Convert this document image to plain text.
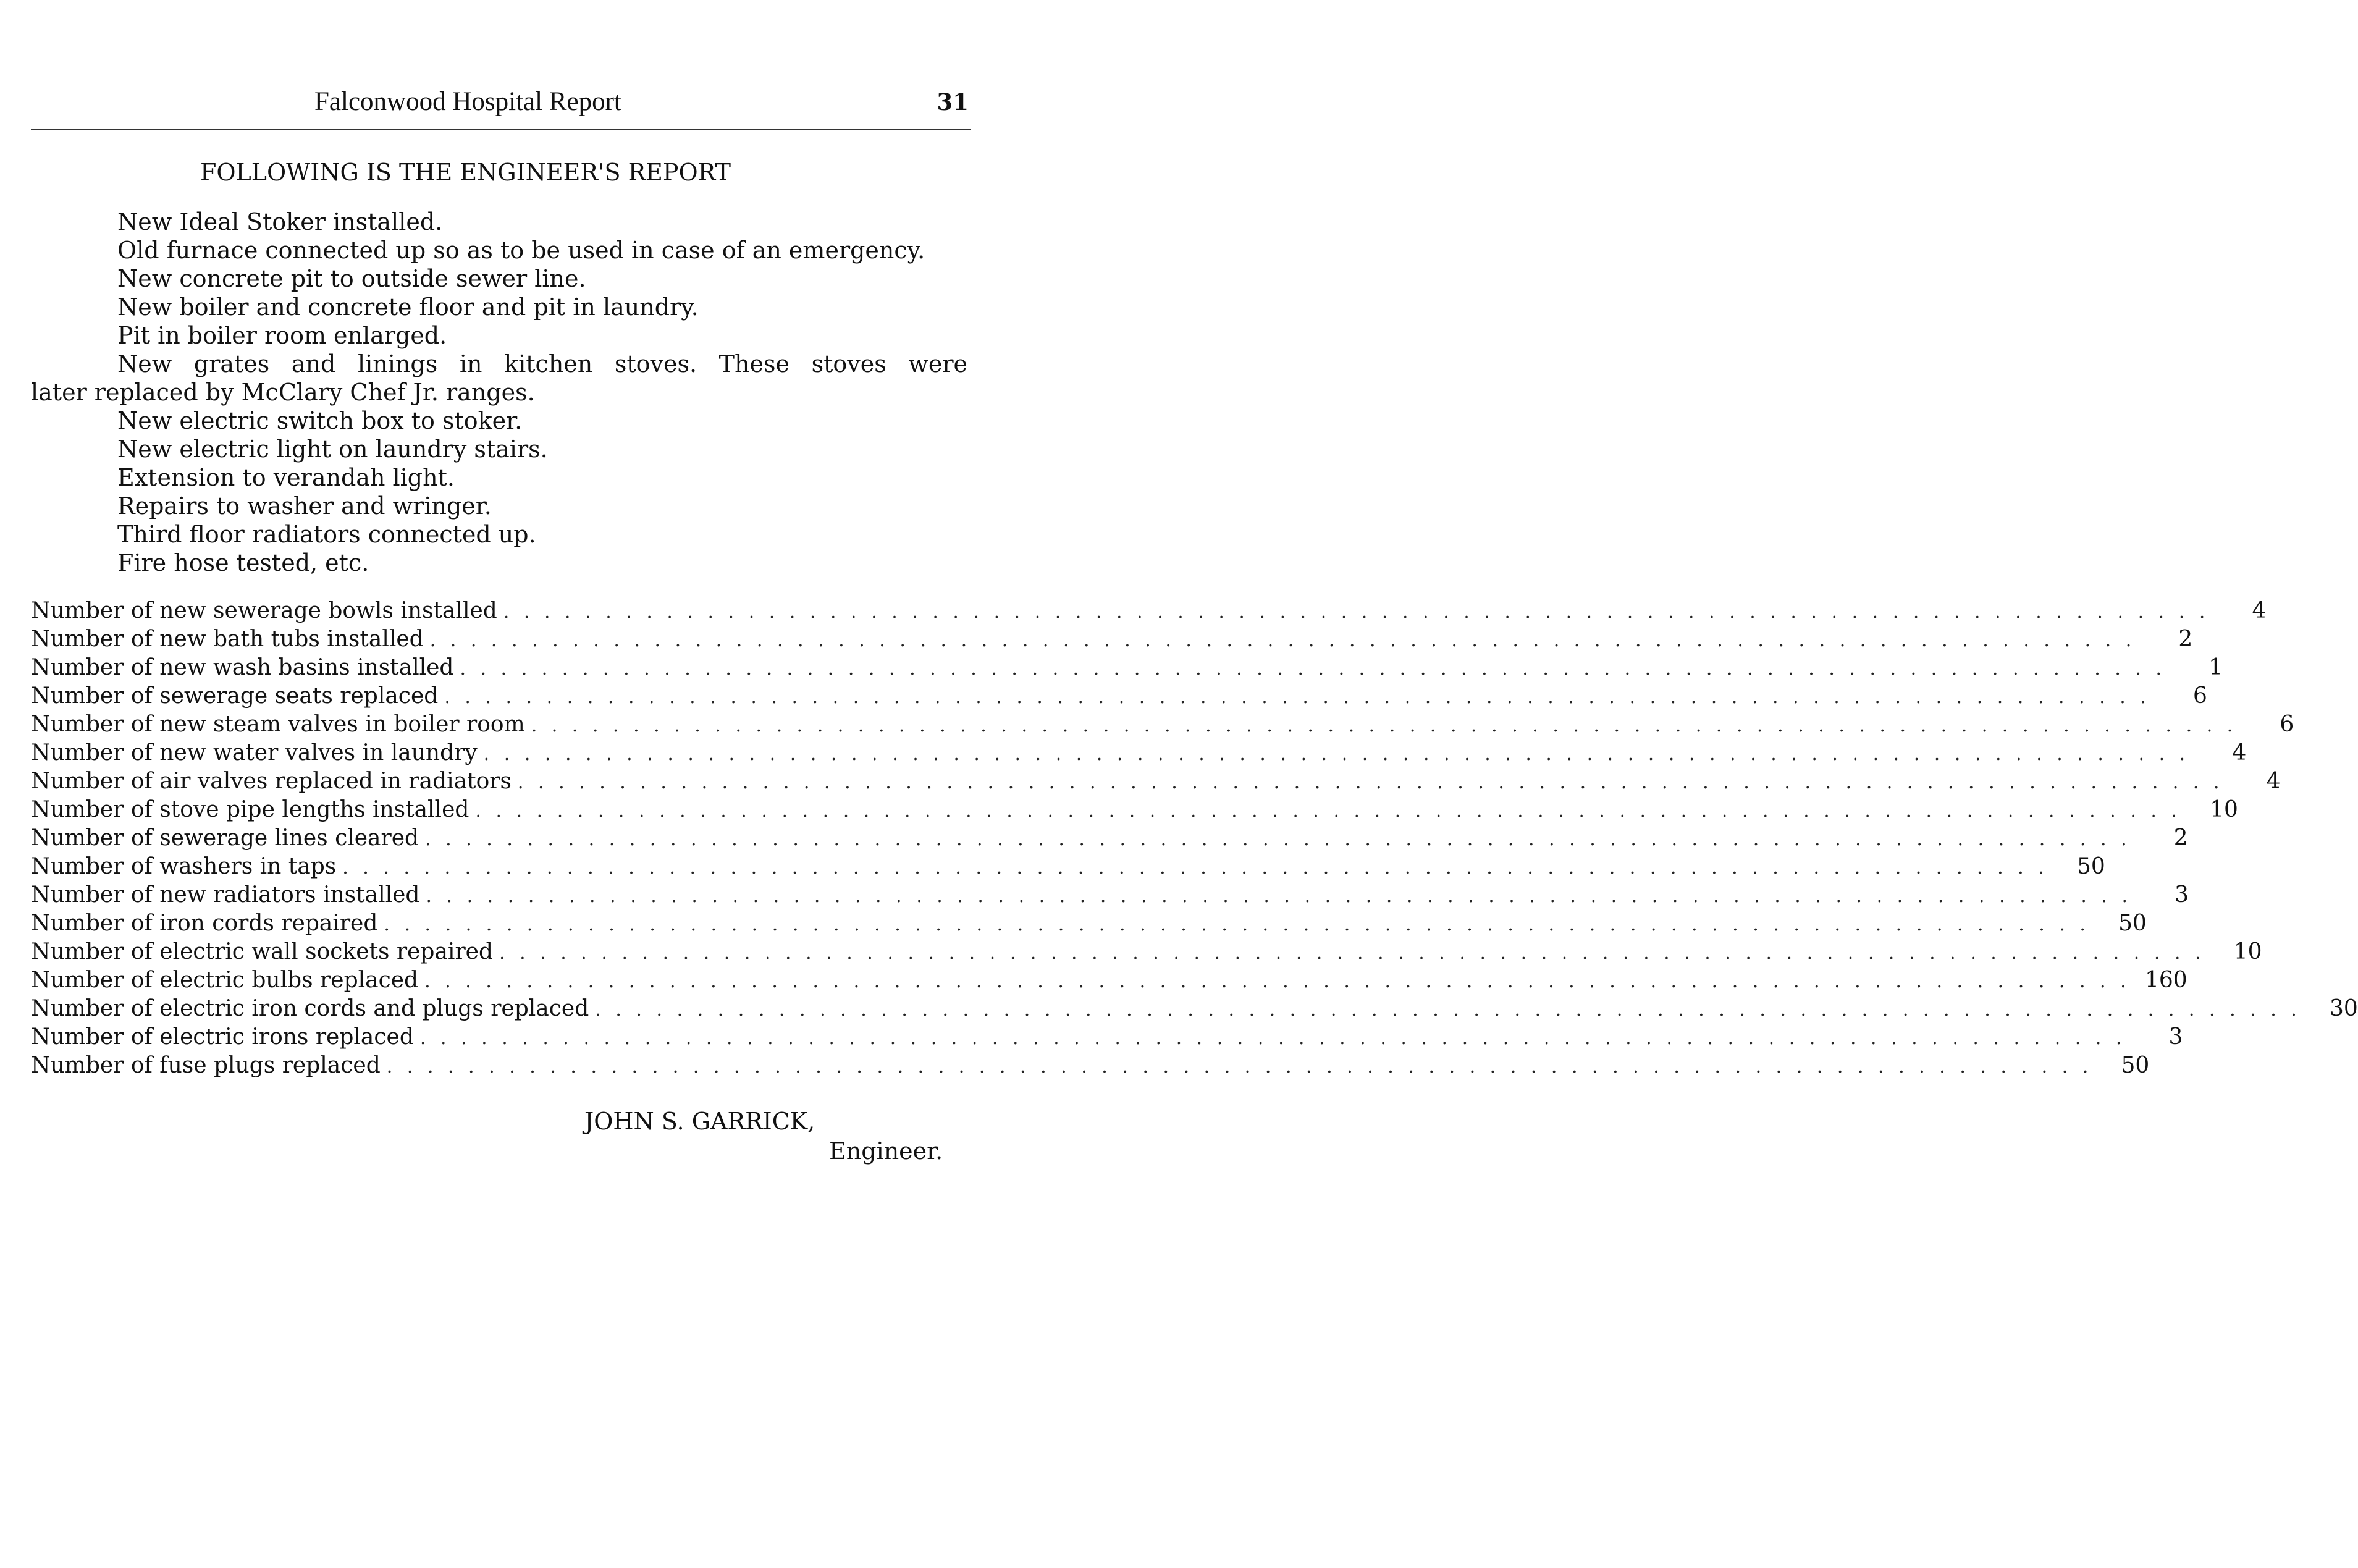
Falconwood Hospital Report	31
FOLLOWING IS THE ENGINEER'S REPORT
New Ideal Stoker installed.
Old furnace connected up so as to be used in case of an emergency.
New concrete pit to outside sewer line.
New boiler and concrete floor and pit in laundry.
Pit in boiler room enlarged.
New grates and linings in kitchen stoves. These stoves were
later replaced by McClary Chef Jr. ranges.
New electric switch box to stoker.
New electric light on laundry stairs.
Extension to verandah light.
Repairs to washer and wringer.
Third floor radiators connected up.
Fire hose tested, etc.
Number of new sewerage bowls installed . . . . . . . . . . . . . . . . . . . . . . . . . . . . . . . . . . . . . . . . . . . . . . . . . . . . . . . . . . . . . . . . . . . . . . . . . . . . . . . . . . . .	4
Number of new bath tubs installed . . . . . . . . . . . . . . . . . . . . . . . . . . . . . . . . . . . . . . . . . . . . . . . . . . . . . . . . . . . . . . . . . . . . . . . . . . . . . . . . . . . .	2
Number of new wash basins installed . . . . . . . . . . . . . . . . . . . . . . . . . . . . . . . . . . . . . . . . . . . . . . . . . . . . . . . . . . . . . . . . . . . . . . . . . . . . . . . . . . . .	1
Number of sewerage seats replaced . . . . . . . . . . . . . . . . . . . . . . . . . . . . . . . . . . . . . . . . . . . . . . . . . . . . . . . . . . . . . . . . . . . . . . . . . . . . . . . . . . . .	6
Number of new steam valves in boiler room . . . . . . . . . . . . . . . . . . . . . . . . . . . . . . . . . . . . . . . . . . . . . . . . . . . . . . . . . . . . . . . . . . . . . . . . . . . . . . . . . . . .	6
Number of new water valves in laundry . . . . . . . . . . . . . . . . . . . . . . . . . . . . . . . . . . . . . . . . . . . . . . . . . . . . . . . . . . . . . . . . . . . . . . . . . . . . . . . . . . . .	4
Number of air valves replaced in radiators . . . . . . . . . . . . . . . . . . . . . . . . . . . . . . . . . . . . . . . . . . . . . . . . . . . . . . . . . . . . . . . . . . . . . . . . . . . . . . . . . . . .	4
Number of stove pipe lengths installed . . . . . . . . . . . . . . . . . . . . . . . . . . . . . . . . . . . . . . . . . . . . . . . . . . . . . . . . . . . . . . . . . . . . . . . . . . . . . . . . . . . .	10
Number of sewerage lines cleared . . . . . . . . . . . . . . . . . . . . . . . . . . . . . . . . . . . . . . . . . . . . . . . . . . . . . . . . . . . . . . . . . . . . . . . . . . . . . . . . . . . .	2
Number of washers in taps . . . . . . . . . . . . . . . . . . . . . . . . . . . . . . . . . . . . . . . . . . . . . . . . . . . . . . . . . . . . . . . . . . . . . . . . . . . . . . . . . . . .	50
Number of new radiators installed . . . . . . . . . . . . . . . . . . . . . . . . . . . . . . . . . . . . . . . . . . . . . . . . . . . . . . . . . . . . . . . . . . . . . . . . . . . . . . . . . . . .	3
Number of iron cords repaired . . . . . . . . . . . . . . . . . . . . . . . . . . . . . . . . . . . . . . . . . . . . . . . . . . . . . . . . . . . . . . . . . . . . . . . . . . . . . . . . . . . .	50
Number of electric wall sockets repaired . . . . . . . . . . . . . . . . . . . . . . . . . . . . . . . . . . . . . . . . . . . . . . . . . . . . . . . . . . . . . . . . . . . . . . . . . . . . . . . . . . . .	10
Number of electric bulbs replaced . . . . . . . . . . . . . . . . . . . . . . . . . . . . . . . . . . . . . . . . . . . . . . . . . . . . . . . . . . . . . . . . . . . . . . . . . . . . . . . . . . . . 160
Number of electric iron cords and plugs replaced . . . . . . . . . . . . . . . . . . . . . . . . . . . . . . . . . . . . . . . . . . . . . . . . . . . . . . . . . . . . . . . . . . . . . . . . . . . . . . . . . . . .	30
Number of electric irons replaced . . . . . . . . . . . . . . . . . . . . . . . . . . . . . . . . . . . . . . . . . . . . . . . . . . . . . . . . . . . . . . . . . . . . . . . . . . . . . . . . . . . .	3
Number of fuse plugs replaced . . . . . . . . . . . . . . . . . . . . . . . . . . . . . . . . . . . . . . . . . . . . . . . . . . . . . . . . . . . . . . . . . . . . . . . . . . . . . . . . . . . .	50
JOHN S. GARRICK,
Engineer.
